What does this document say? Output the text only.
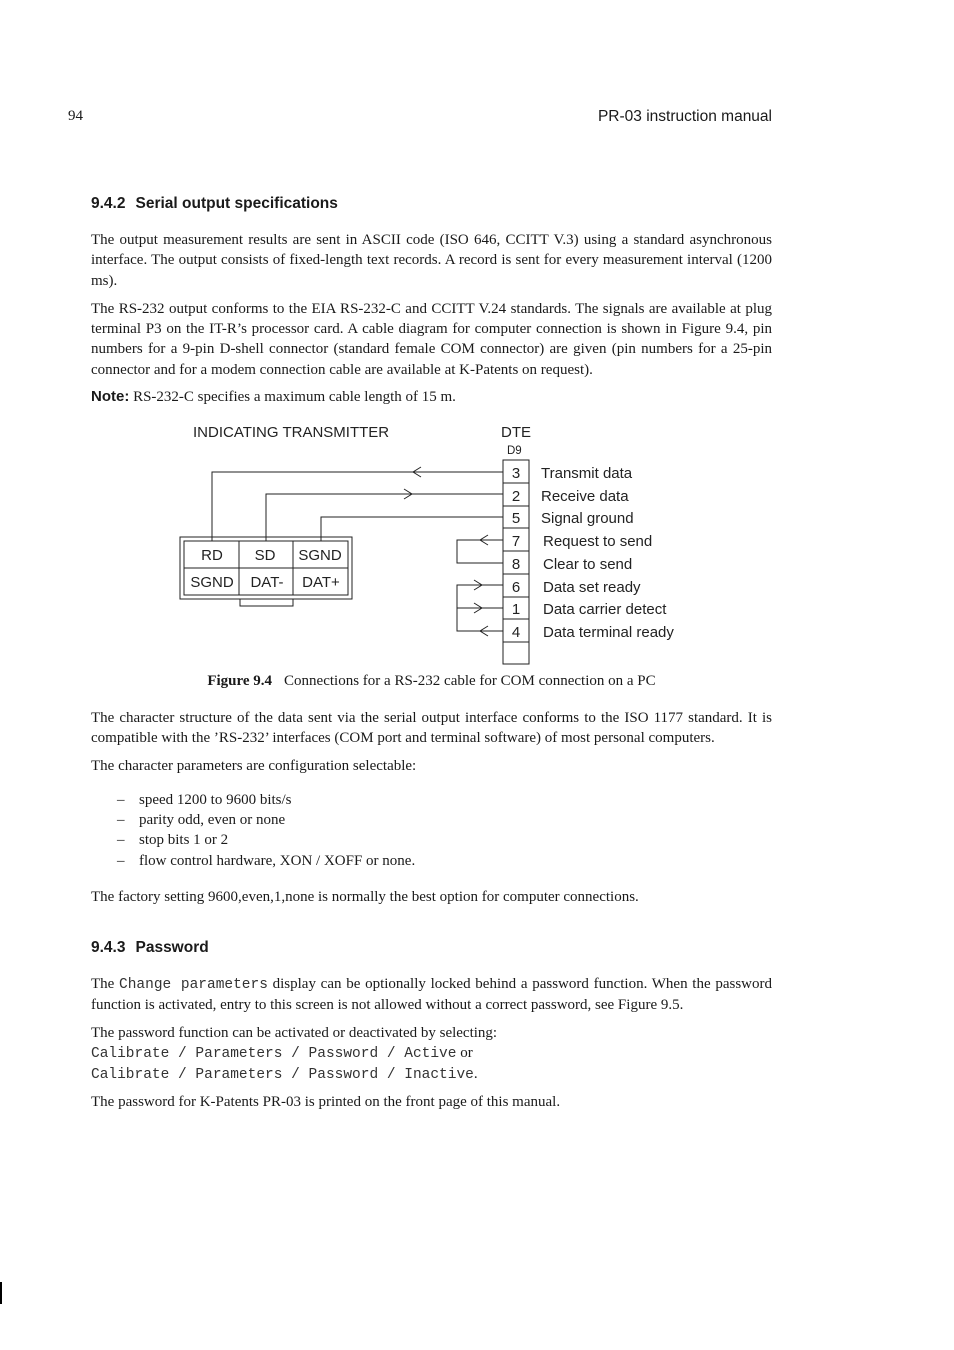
94	PR-03 instruction manual
9.4.2 Serial output specifications

The output measurement results are sent in ASCII code (ISO 646, CCITT V.3) using a standard asynchronous interface. The output consists of fixed-length text records. A record is sent for every measurement interval (1200 ms).

The RS-232 output conforms to the EIA RS-232-C and CCITT V.24 standards. The signals are available at plug terminal P3 on the IT-R’s processor card. A cable diagram for computer connection is shown in Figure 9.4, pin numbers for a 9-pin D-shell connector (standard female COM connector) are given (pin numbers for a 25-pin connector and for a modem connection cable are available at K-Patents on request).

Note: RS-232-C specifies a maximum cable length of 15 m.

INDICATING TRANSMITTER	DTE
D9
RD SD SGND
SGND DAT- DAT+
3
2
5
7
8
6
1
4
Transmit data
Receive data
Signal ground
Request to send
Clear to send
Data set ready
Data carrier detect
Data terminal ready
Figure 9.4 Connections for a RS-232 cable for COM connection on a PC

The character structure of the data sent via the serial output interface conforms to the ISO 1177 standard. It is compatible with the ’RS-232’ interfaces (COM port and terminal software) of most personal computers.

The character parameters are configuration selectable:

– speed 1200 to 9600 bits/s
– parity odd, even or none
– stop bits 1 or 2
– flow control hardware, XON / XOFF or none.

The factory setting 9600,even,1,none is normally the best option for computer connections.

9.4.3 Password

The Change parameters display can be optionally locked behind a password function. When the password function is activated, entry to this screen is not allowed without a correct password, see Figure 9.5.

The password function can be activated or deactivated by selecting:

Calibrate / Parameters / Password / Active or

Calibrate / Parameters / Password / Inactive.

The password for K-Patents PR-03 is printed on the front page of this manual.
